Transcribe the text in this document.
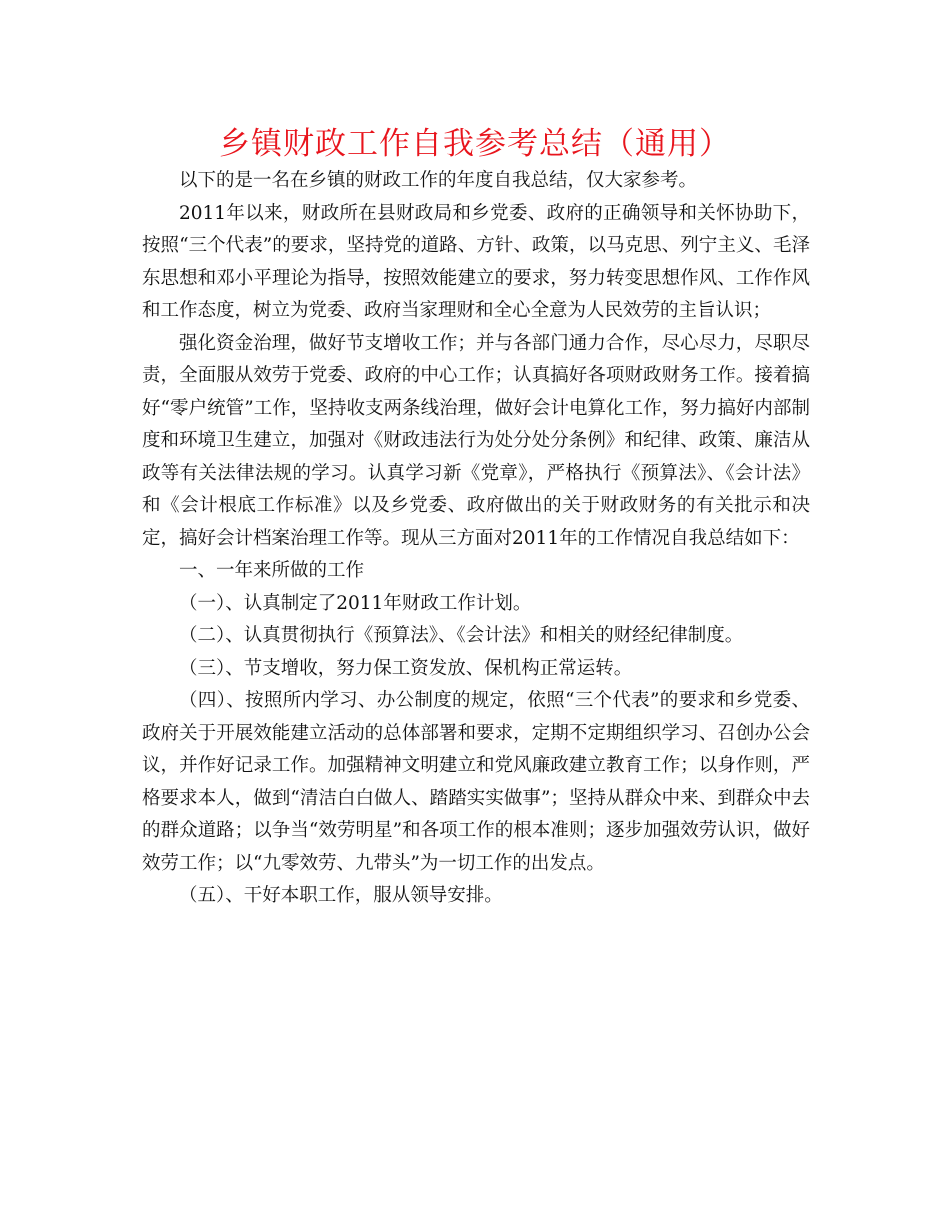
乡镇财政工作自我参考总结（通用）

以下的是一名在乡镇的财政工作的年度自我总结，仅大家参考。

2011年以来，财政所在县财政局和乡党委、政府的正确领导和关怀协助下，按照“三个代表”的要求，坚持党的道路、方针、政策，以马克思、列宁主义、毛泽东思想和邓小平理论为指导，按照效能建立的要求，努力转变思想作风、工作作风和工作态度，树立为党委、政府当家理财和全心全意为人民效劳的主旨认识；

强化资金治理，做好节支增收工作；并与各部门通力合作，尽心尽力，尽职尽责，全面服从效劳于党委、政府的中心工作；认真搞好各项财政财务工作。接着搞好“零户统管”工作，坚持收支两条线治理，做好会计电算化工作，努力搞好内部制度和环境卫生建立，加强对《财政违法行为处分处分条例》和纪律、政策、廉洁从政等有关法律法规的学习。认真学习新《党章》，严格执行《预算法》、《会计法》和《会计根底工作标准》以及乡党委、政府做出的关于财政财务的有关批示和决定，搞好会计档案治理工作等。现从三方面对2011年的工作情况自我总结如下：

一、一年来所做的工作

（一）、认真制定了2011年财政工作计划。

（二）、认真贯彻执行《预算法》、《会计法》和相关的财经纪律制度。

（三）、节支增收，努力保工资发放、保机构正常运转。

（四）、按照所内学习、办公制度的规定，依照“三个代表”的要求和乡党委、政府关于开展效能建立活动的总体部署和要求，定期不定期组织学习、召创办公会议，并作好记录工作。加强精神文明建立和党风廉政建立教育工作；以身作则，严格要求本人，做到“清洁白白做人、踏踏实实做事”；坚持从群众中来、到群众中去的群众道路；以争当“效劳明星”和各项工作的根本准则；逐步加强效劳认识，做好效劳工作；以“九零效劳、九带头”为一切工作的出发点。

（五）、干好本职工作，服从领导安排。
